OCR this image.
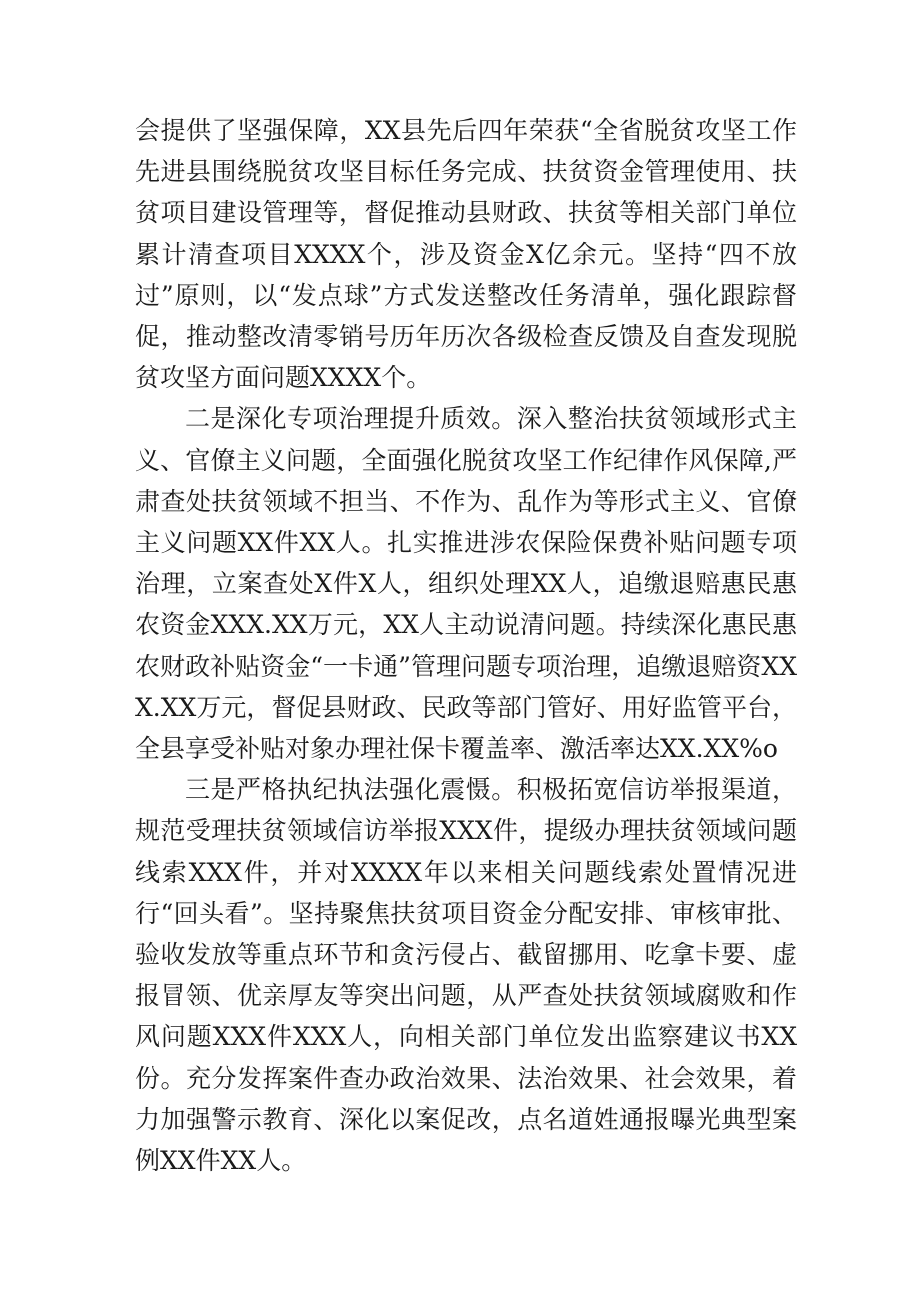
会提供了坚强保障，XX县先后四年荣获“全省脱贫攻坚工作先进县围绕脱贫攻坚目标任务完成、扶贫资金管理使用、扶贫项目建设管理等，督促推动县财政、扶贫等相关部门单位累计清查项目XXXX个，涉及资金X亿余元。坚持“四不放过”原则，以“发点球”方式发送整改任务清单，强化跟踪督促，推动整改清零销号历年历次各级检查反馈及自查发现脱贫攻坚方面问题XXXX个。

二是深化专项治理提升质效。深入整治扶贫领域形式主义、官僚主义问题，全面强化脱贫攻坚工作纪律作风保障,严肃查处扶贫领域不担当、不作为、乱作为等形式主义、官僚主义问题XX件XX人。扎实推进涉农保险保费补贴问题专项治理，立案查处X件X人，组织处理XX人，追缴退赔惠民惠农资金XXX.XX万元，XX人主动说清问题。持续深化惠民惠农财政补贴资金“一卡通”管理问题专项治理，追缴退赔资XXX.XX万元，督促县财政、民政等部门管好、用好监管平台，全县享受补贴对象办理社保卡覆盖率、激活率达XX.XX%o

三是严格执纪执法强化震慑。积极拓宽信访举报渠道，规范受理扶贫领域信访举报XXX件，提级办理扶贫领域问题线索XXX件，并对XXXX年以来相关问题线索处置情况进行“回头看”。坚持聚焦扶贫项目资金分配安排、审核审批、验收发放等重点环节和贪污侵占、截留挪用、吃拿卡要、虚报冒领、优亲厚友等突出问题，从严查处扶贫领域腐败和作风问题XXX件XXX人，向相关部门单位发出监察建议书XX份。充分发挥案件查办政治效果、法治效果、社会效果，着力加强警示教育、深化以案促改，点名道姓通报曝光典型案例XX件XX人。
